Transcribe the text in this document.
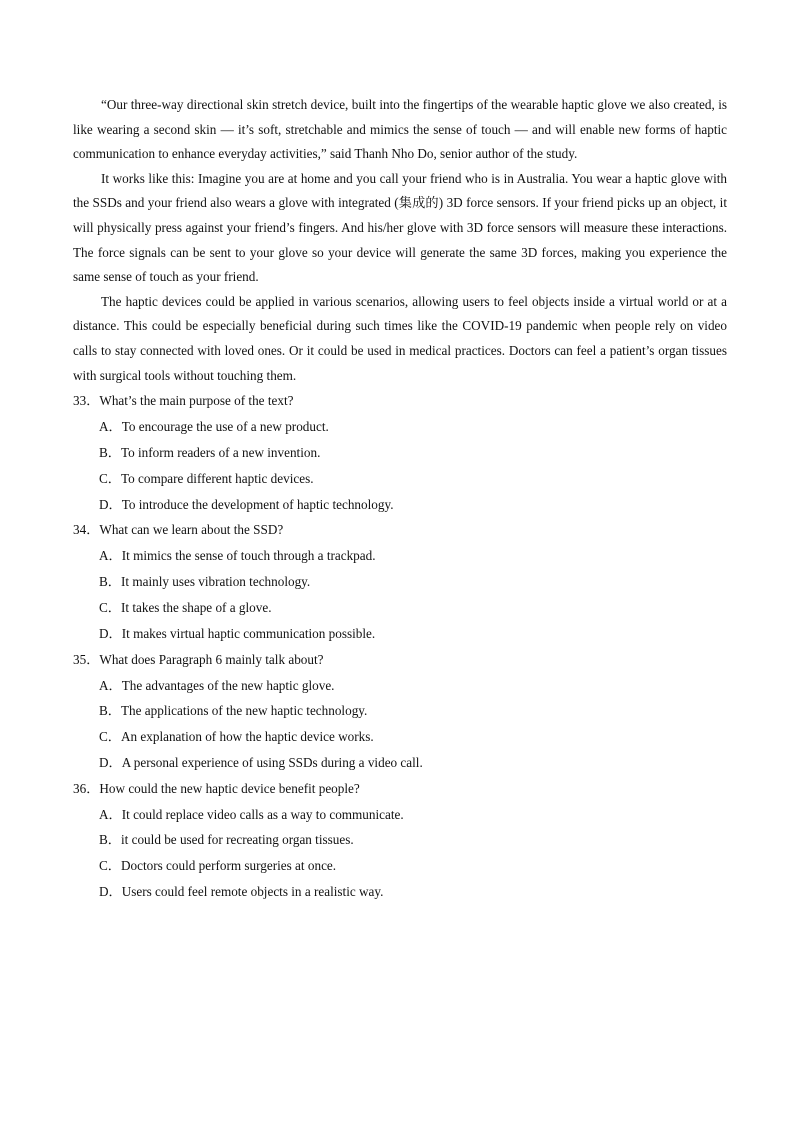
“Our three-way directional skin stretch device, built into the fingertips of the wearable haptic glove we also created, is like wearing a second skin — it’s soft, stretchable and mimics the sense of touch — and will enable new forms of haptic communication to enhance everyday activities,” said Thanh Nho Do, senior author of the study.

It works like this: Imagine you are at home and you call your friend who is in Australia. You wear a haptic glove with the SSDs and your friend also wears a glove with integrated (集成的) 3D force sensors. If your friend picks up an object, it will physically press against your friend’s fingers. And his/her glove with 3D force sensors will measure these interactions. The force signals can be sent to your glove so your device will generate the same 3D forces, making you experience the same sense of touch as your friend.

The haptic devices could be applied in various scenarios, allowing users to feel objects inside a virtual world or at a distance. This could be especially beneficial during such times like the COVID-19 pandemic when people rely on video calls to stay connected with loved ones. Or it could be used in medical practices. Doctors can feel a patient’s organ tissues with surgical tools without touching them.

33．What’s the main purpose of the text?
A．To encourage the use of a new product.
B．To inform readers of a new invention.
C．To compare different haptic devices.
D．To introduce the development of haptic technology.
34．What can we learn about the SSD?
A．It mimics the sense of touch through a trackpad.
B．It mainly uses vibration technology.
C．It takes the shape of a glove.
D．It makes virtual haptic communication possible.
35．What does Paragraph 6 mainly talk about?
A．The advantages of the new haptic glove.
B．The applications of the new haptic technology.
C．An explanation of how the haptic device works.
D．A personal experience of using SSDs during a video call.
36．How could the new haptic device benefit people?
A．It could replace video calls as a way to communicate.
B．it could be used for recreating organ tissues.
C．Doctors could perform surgeries at once.
D．Users could feel remote objects in a realistic way.
